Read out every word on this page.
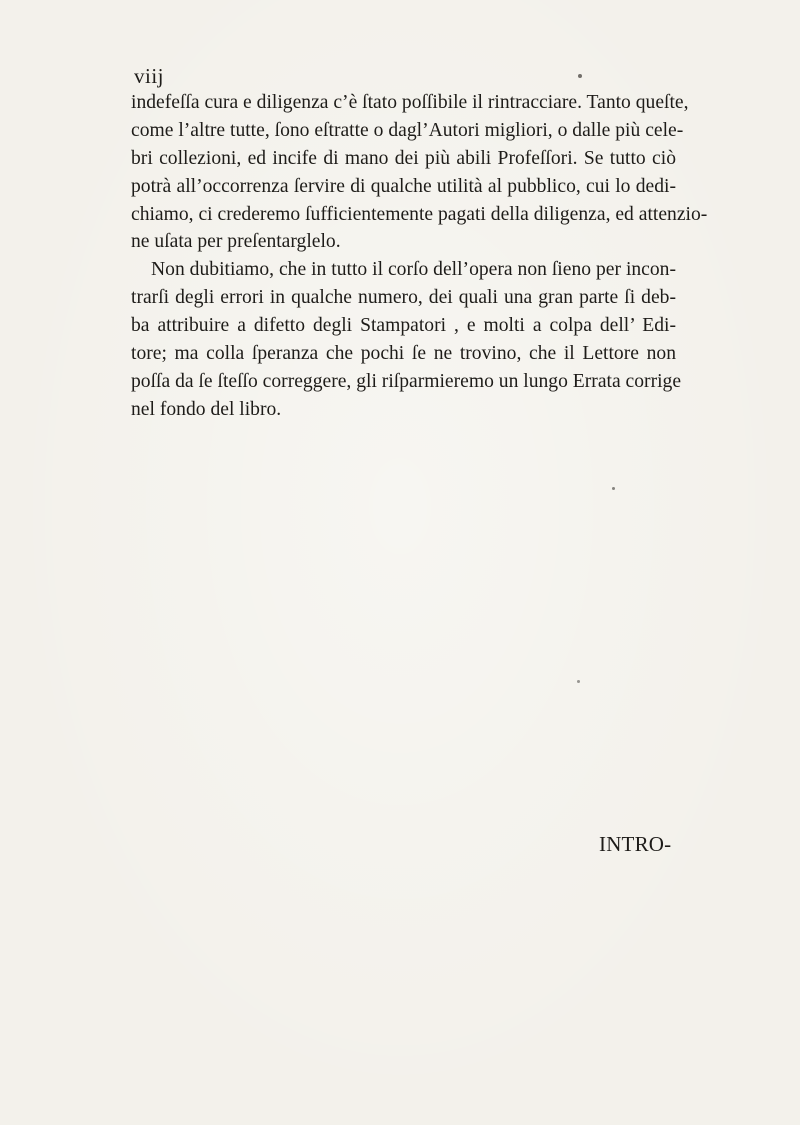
viij
indefeſſa cura e diligenza c’è ſtato poſſibile il rintracciare. Tanto queſte,
come l’altre tutte, ſono eſtratte o dagl’Autori migliori, o dalle più cele-
bri collezioni, ed incife di mano dei più abili Profeſſori. Se tutto ciò
potrà all’occorrenza ſervire di qualche utilità al pubblico, cui lo dedi-
chiamo, ci crederemo ſufficientemente pagati della diligenza, ed attenzio-
ne uſata per preſentarglelo.
Non dubitiamo, che in tutto il corſo dell’opera non ſieno per incon-
trarſi degli errori in qualche numero, dei quali una gran parte ſi deb-
ba attribuire a difetto degli Stampatori , e molti a colpa dell’ Edi-
tore; ma colla ſperanza che pochi ſe ne trovino, che il Lettore non
poſſa da ſe ſteſſo correggere, gli riſparmieremo un lungo Errata corrige
nel fondo del libro.
INTRO-
